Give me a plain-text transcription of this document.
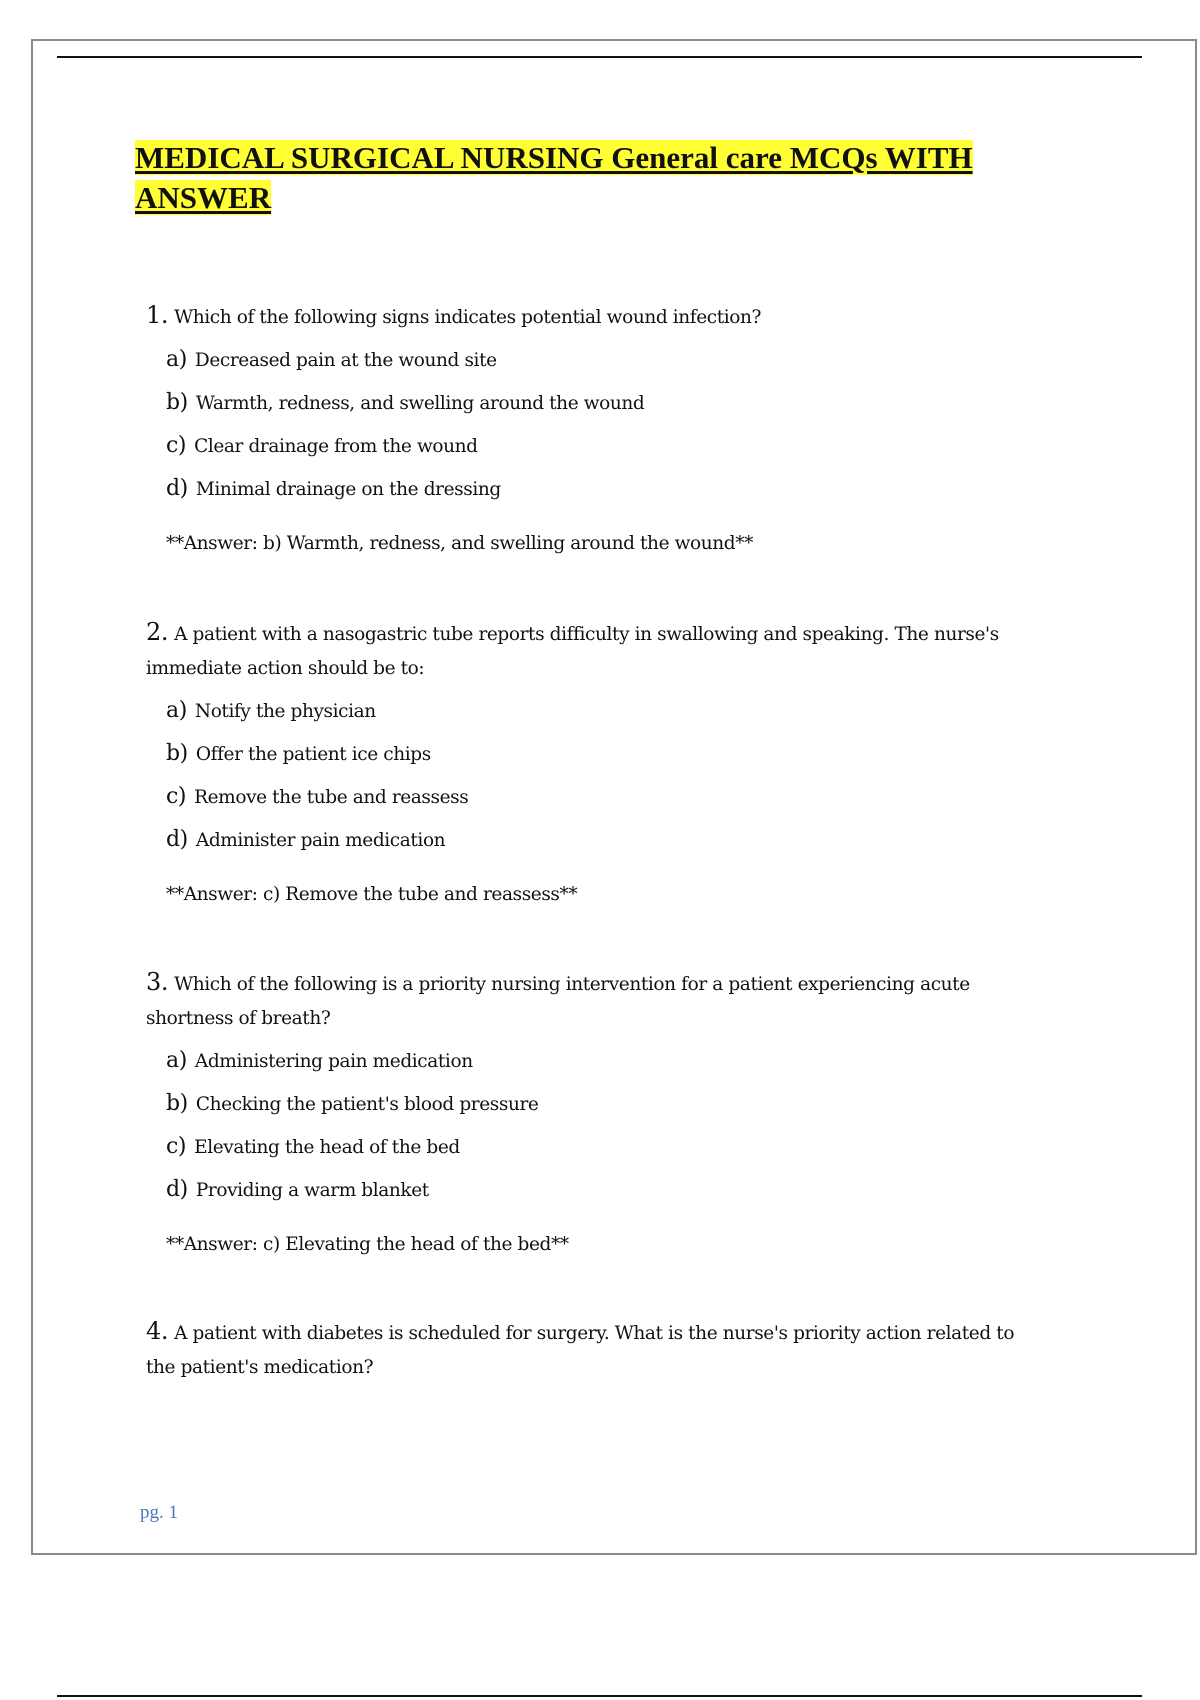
MEDICAL SURGICAL NURSING General care MCQs WITH ANSWER
1. Which of the following signs indicates potential wound infection?
a) Decreased pain at the wound site
b) Warmth, redness, and swelling around the wound
c) Clear drainage from the wound
d) Minimal drainage on the dressing
**Answer: b) Warmth, redness, and swelling around the wound**
2. A patient with a nasogastric tube reports difficulty in swallowing and speaking. The nurse's immediate action should be to:
a) Notify the physician
b) Offer the patient ice chips
c) Remove the tube and reassess
d) Administer pain medication
**Answer: c) Remove the tube and reassess**
3. Which of the following is a priority nursing intervention for a patient experiencing acute shortness of breath?
a) Administering pain medication
b) Checking the patient's blood pressure
c) Elevating the head of the bed
d) Providing a warm blanket
**Answer: c) Elevating the head of the bed**
4. A patient with diabetes is scheduled for surgery. What is the nurse's priority action related to the patient's medication?
pg. 1
